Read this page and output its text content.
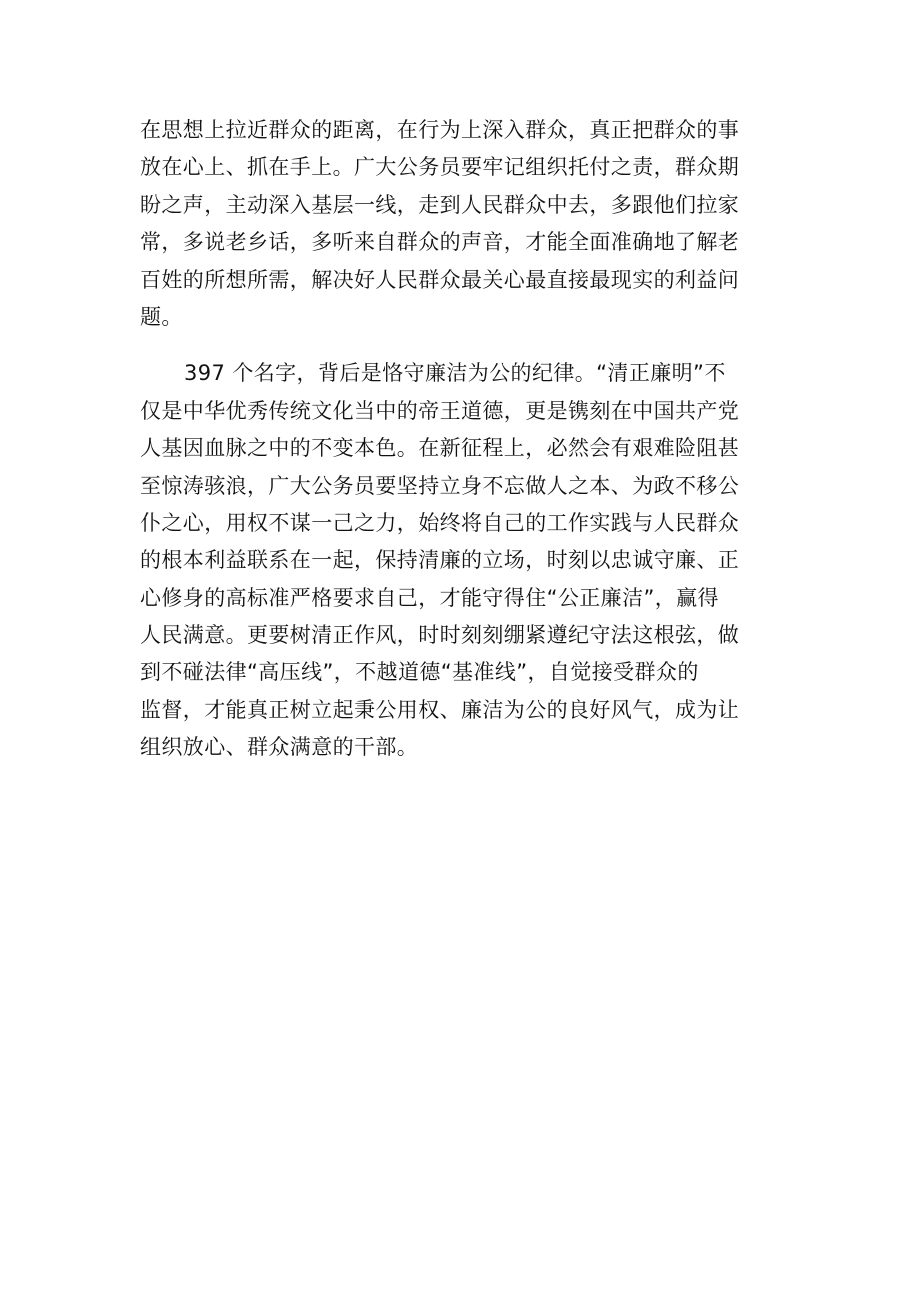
在思想上拉近群众的距离，在行为上深入群众，真正把群众的事
放在心上、抓在手上。广大公务员要牢记组织托付之责，群众期
盼之声，主动深入基层一线，走到人民群众中去，多跟他们拉家
常，多说老乡话，多听来自群众的声音，才能全面准确地了解老
百姓的所想所需，解决好人民群众最关心最直接最现实的利益问
题。
397 个名字，背后是恪守廉洁为公的纪律。“清正廉明”不
仅是中华优秀传统文化当中的帝王道德，更是镌刻在中国共产党
人基因血脉之中的不变本色。在新征程上，必然会有艰难险阻甚
至惊涛骇浪，广大公务员要坚持立身不忘做人之本、为政不移公
仆之心，用权不谋一己之力，始终将自己的工作实践与人民群众
的根本利益联系在一起，保持清廉的立场，时刻以忠诚守廉、正
心修身的高标准严格要求自己，才能守得住“公正廉洁”，赢得
人民满意。更要树清正作风，时时刻刻绷紧遵纪守法这根弦，做
到不碰法律“高压线”，不越道德“基准线”，自觉接受群众的
监督，才能真正树立起秉公用权、廉洁为公的良好风气，成为让
组织放心、群众满意的干部。
